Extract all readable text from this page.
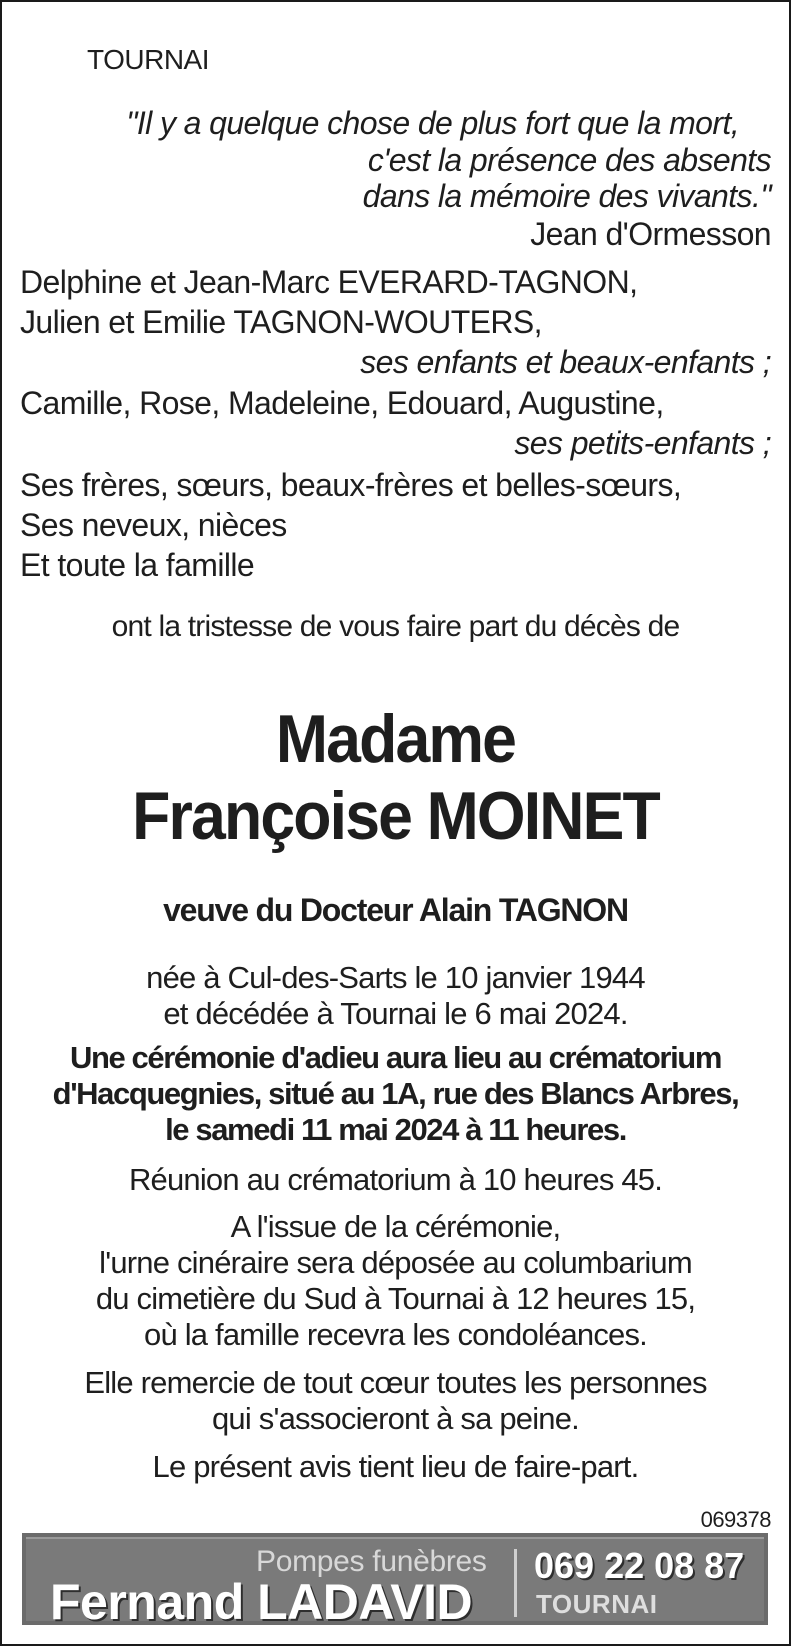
TOURNAI
"Il y a quelque chose de plus fort que la mort,
c'est la présence des absents
dans la mémoire des vivants."
Jean d'Ormesson
Delphine et Jean-Marc EVERARD-TAGNON,
Julien et Emilie TAGNON-WOUTERS,
ses enfants et beaux-enfants ;
Camille, Rose, Madeleine, Edouard, Augustine,
ses petits-enfants ;
Ses frères, sœurs, beaux-frères et belles-sœurs,
Ses neveux, nièces
Et toute la famille
ont la tristesse de vous faire part du décès de
Madame
Françoise MOINET
veuve du Docteur Alain TAGNON
née à Cul-des-Sarts le 10 janvier 1944
et décédée à Tournai le 6 mai 2024.
Une cérémonie d'adieu aura lieu au crématorium
d'Hacquegnies, situé au 1A, rue des Blancs Arbres,
le samedi 11 mai 2024 à 11 heures.
Réunion au crématorium à 10 heures 45.
A l'issue de la cérémonie,
l'urne cinéraire sera déposée au columbarium
du cimetière du Sud à Tournai à 12 heures 15,
où la famille recevra les condoléances.
Elle remercie de tout cœur toutes les personnes
qui s'associeront à sa peine.
Le présent avis tient lieu de faire-part.
069378
Pompes funèbres
Fernand LADAVID
069 22 08 87
TOURNAI
